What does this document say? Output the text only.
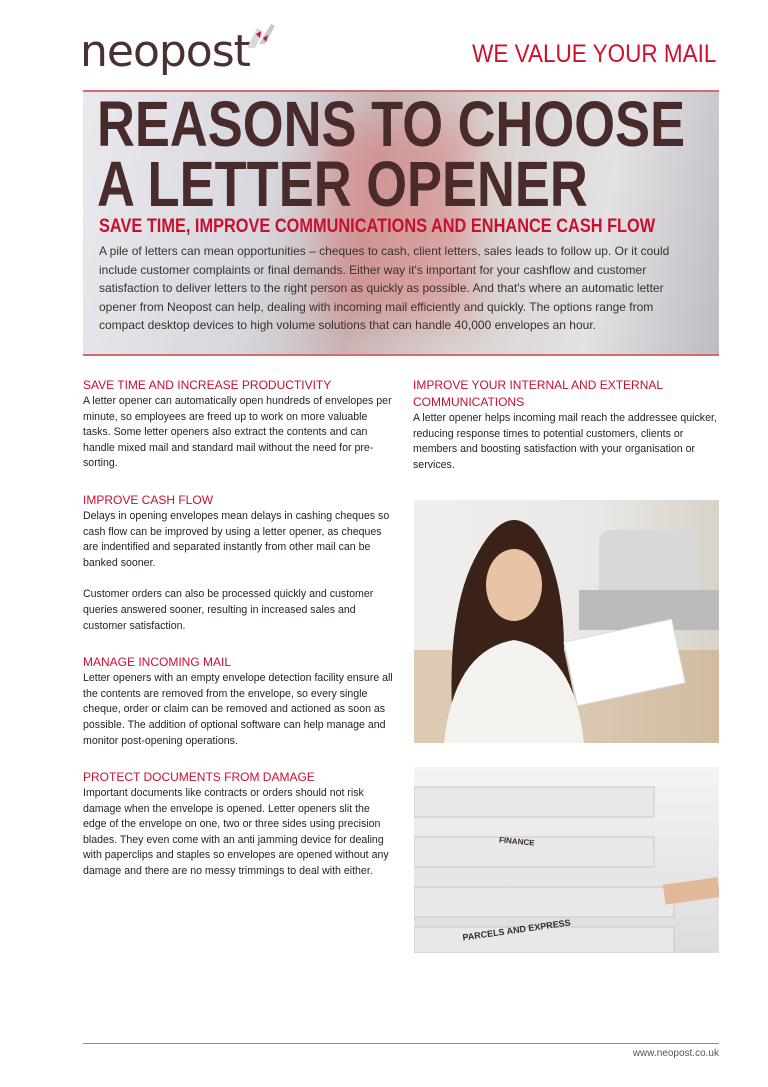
neopost	WE VALUE YOUR MAIL
REASONS TO CHOOSE
A LETTER OPENER
SAVE TIME, IMPROVE COMMUNICATIONS AND ENHANCE CASH FLOW
A pile of letters can mean opportunities – cheques to cash, client letters, sales leads to follow up. Or it could include customer complaints or final demands. Either way it's important for your cashflow and customer satisfaction to deliver letters to the right person as quickly as possible. And that's where an automatic letter opener from Neopost can help, dealing with incoming mail efficiently and quickly. The options range from compact desktop devices to high volume solutions that can handle 40,000 envelopes an hour.
SAVE TIME AND INCREASE PRODUCTIVITY

A letter opener can automatically open hundreds of envelopes per minute, so employees are freed up to work on more valuable tasks. Some letter openers also extract the contents and can handle mixed mail and standard mail without the need for pre-sorting.

IMPROVE CASH FLOW

Delays in opening envelopes mean delays in cashing cheques so cash flow can be improved by using a letter opener, as cheques are indentified and separated instantly from other mail can be banked sooner.

Customer orders can also be processed quickly and customer queries answered sooner, resulting in increased sales and customer satisfaction.

MANAGE INCOMING MAIL

Letter openers with an empty envelope detection facility ensure all the contents are removed from the envelope, so every single cheque, order or claim can be removed and actioned as soon as possible. The addition of optional software can help manage and monitor post-opening operations.

PROTECT DOCUMENTS FROM DAMAGE

Important documents like contracts or orders should not risk damage when the envelope is opened. Letter openers slit the edge of the envelope on one, two or three sides using precision blades. They even come with an anti jamming device for dealing with paperclips and staples so envelopes are opened without any damage and there are no messy trimmings to deal with either.

IMPROVE YOUR INTERNAL AND EXTERNAL COMMUNICATIONS

A letter opener helps incoming mail reach the addressee quicker, reducing response times to potential customers, clients or members and boosting satisfaction with your organisation or services.

FINANCE
PARCELS AND EXPRESS
www.neopost.co.uk
